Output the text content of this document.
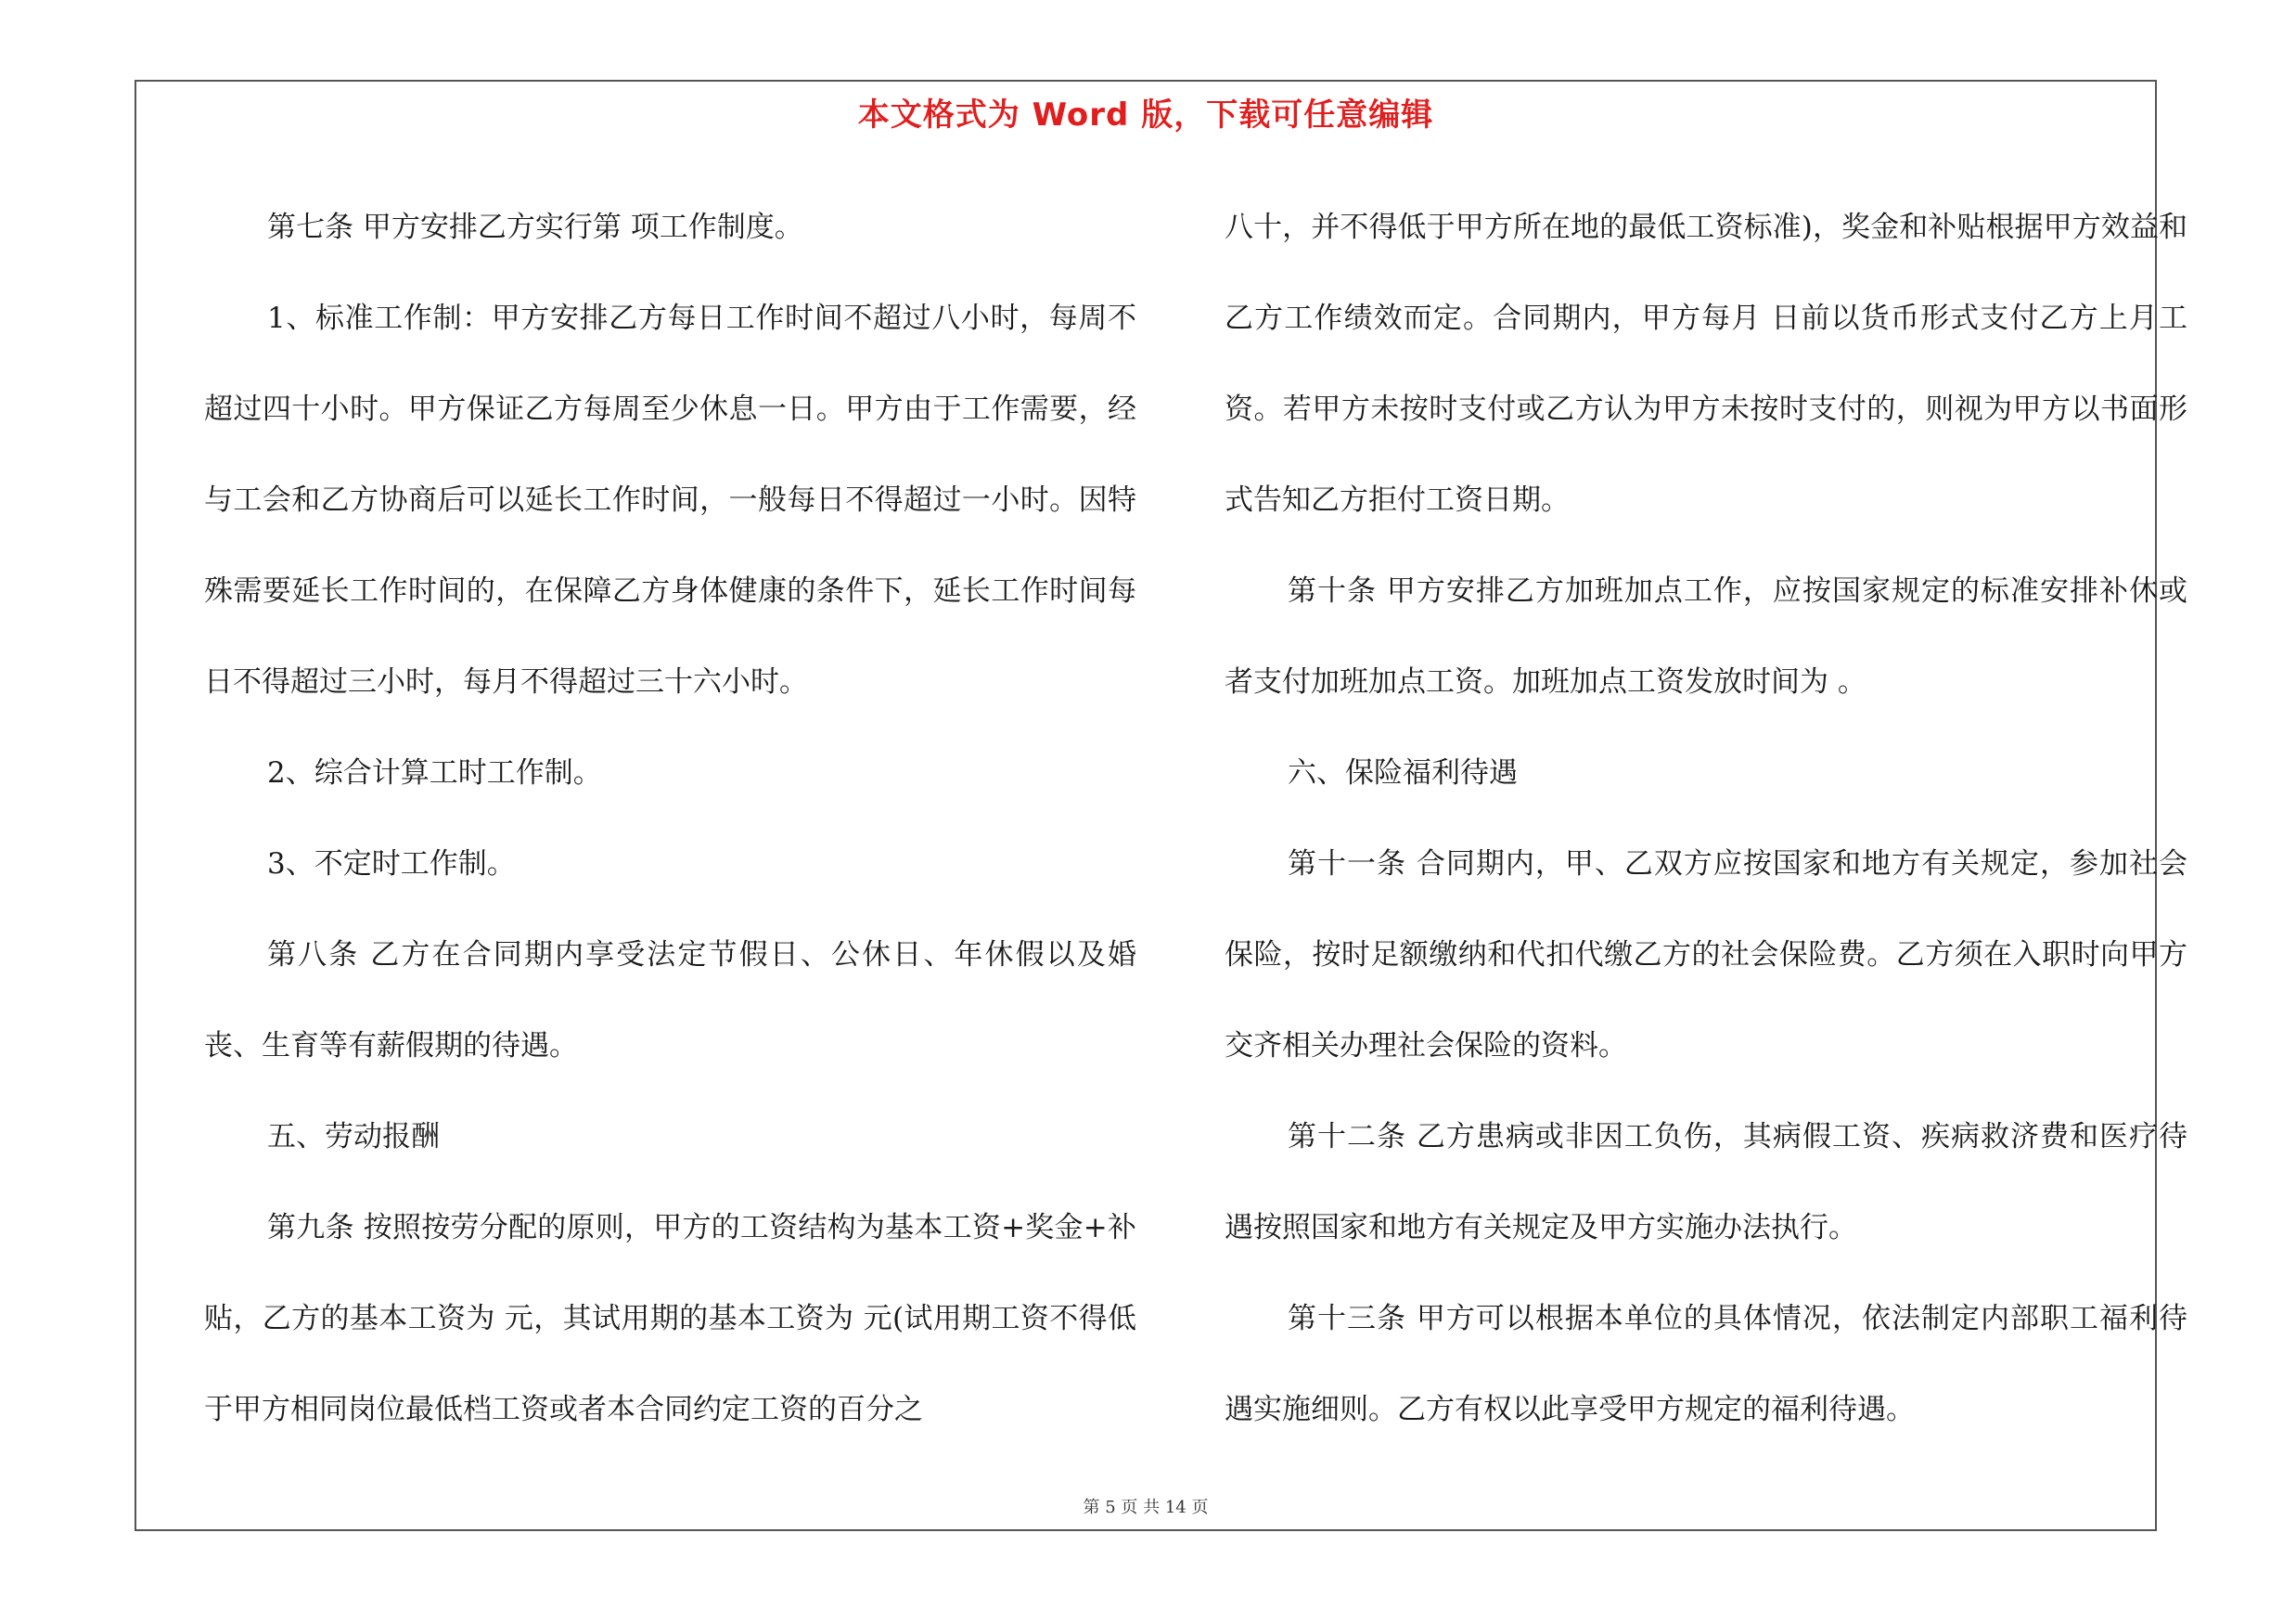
本文格式为 Word 版，下载可任意编辑

第七条 甲方安排乙方实行第 项工作制度。

1、标准工作制：甲方安排乙方每日工作时间不超过八小时，每周不超过四十小时。甲方保证乙方每周至少休息一日。甲方由于工作需要，经与工会和乙方协商后可以延长工作时间，一般每日不得超过一小时。因特殊需要延长工作时间的，在保障乙方身体健康的条件下，延长工作时间每日不得超过三小时，每月不得超过三十六小时。

2、综合计算工时工作制。

3、不定时工作制。

第八条 乙方在合同期内享受法定节假日、公休日、年休假以及婚丧、生育等有薪假期的待遇。

五、劳动报酬

第九条 按照按劳分配的原则，甲方的工资结构为基本工资+奖金+补贴，乙方的基本工资为 元，其试用期的基本工资为 元(试用期工资不得低于甲方相同岗位最低档工资或者本合同约定工资的百分之

八十，并不得低于甲方所在地的最低工资标准)，奖金和补贴根据甲方效益和乙方工作绩效而定。合同期内，甲方每月 日前以货币形式支付乙方上月工资。若甲方未按时支付或乙方认为甲方未按时支付的，则视为甲方以书面形式告知乙方拒付工资日期。

第十条 甲方安排乙方加班加点工作，应按国家规定的标准安排补休或者支付加班加点工资。加班加点工资发放时间为 。

六、保险福利待遇

第十一条 合同期内，甲、乙双方应按国家和地方有关规定，参加社会保险，按时足额缴纳和代扣代缴乙方的社会保险费。乙方须在入职时向甲方交齐相关办理社会保险的资料。

第十二条 乙方患病或非因工负伤，其病假工资、疾病救济费和医疗待遇按照国家和地方有关规定及甲方实施办法执行。

第十三条 甲方可以根据本单位的具体情况，依法制定内部职工福利待遇实施细则。乙方有权以此享受甲方规定的福利待遇。

第 5 页 共 14 页
